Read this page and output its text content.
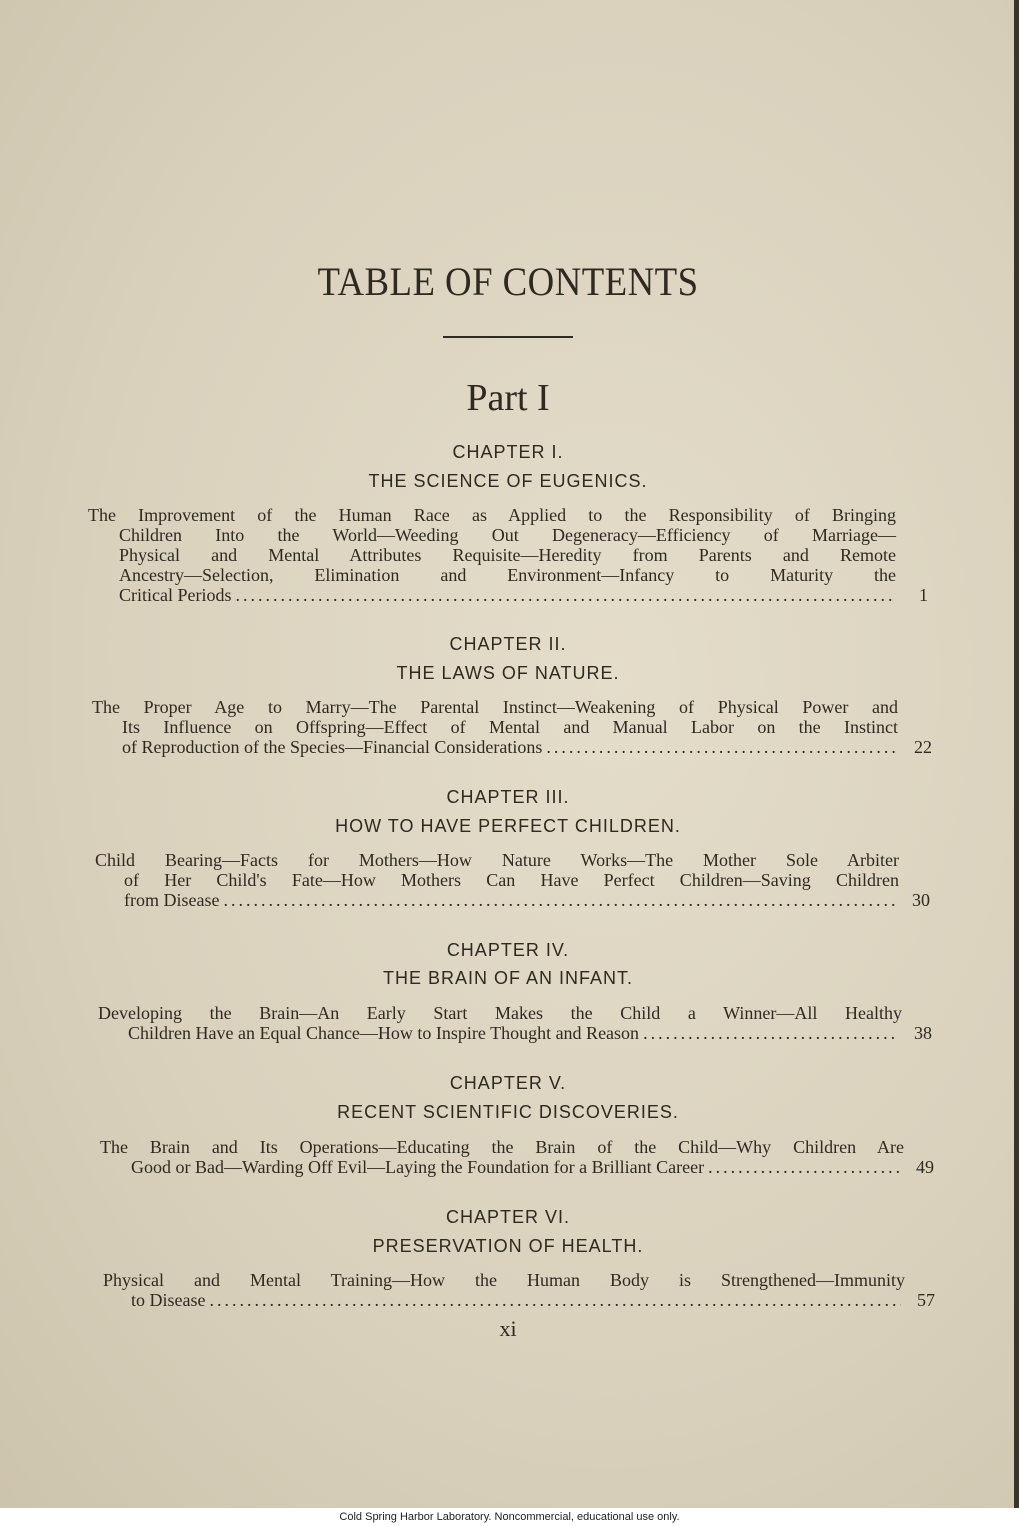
TABLE OF CONTENTS
Part I
CHAPTER I.
THE SCIENCE OF EUGENICS.
The Improvement of the Human Race as Applied to the Responsibility of Bringing
Children Into the World—Weeding Out Degeneracy—Efficiency of Marriage—
Physical and Mental Attributes Requisite—Heredity from Parents and Remote
Ancestry—Selection, Elimination and Environment—Infancy to Maturity the
Critical Periods .....	1
CHAPTER II.
THE LAWS OF NATURE.
The Proper Age to Marry—The Parental Instinct—Weakening of Physical Power and
Its Influence on Offspring—Effect of Mental and Manual Labor on the Instinct
of Reproduction of the Species—Financial Considerations .....	22
CHAPTER III.
HOW TO HAVE PERFECT CHILDREN.
Child Bearing—Facts for Mothers—How Nature Works—The Mother Sole Arbiter
of Her Child's Fate—How Mothers Can Have Perfect Children—Saving Children
from Disease .....	30
CHAPTER IV.
THE BRAIN OF AN INFANT.
Developing the Brain—An Early Start Makes the Child a Winner—All Healthy
Children Have an Equal Chance—How to Inspire Thought and Reason .....	38
CHAPTER V.
RECENT SCIENTIFIC DISCOVERIES.
The Brain and Its Operations—Educating the Brain of the Child—Why Children Are
Good or Bad—Warding Off Evil—Laying the Foundation for a Brilliant Career .....	49
CHAPTER VI.
PRESERVATION OF HEALTH.
Physical and Mental Training—How the Human Body is Strengthened—Immunity
to Disease .....	57
xi
Cold Spring Harbor Laboratory. Noncommercial, educational use only.
